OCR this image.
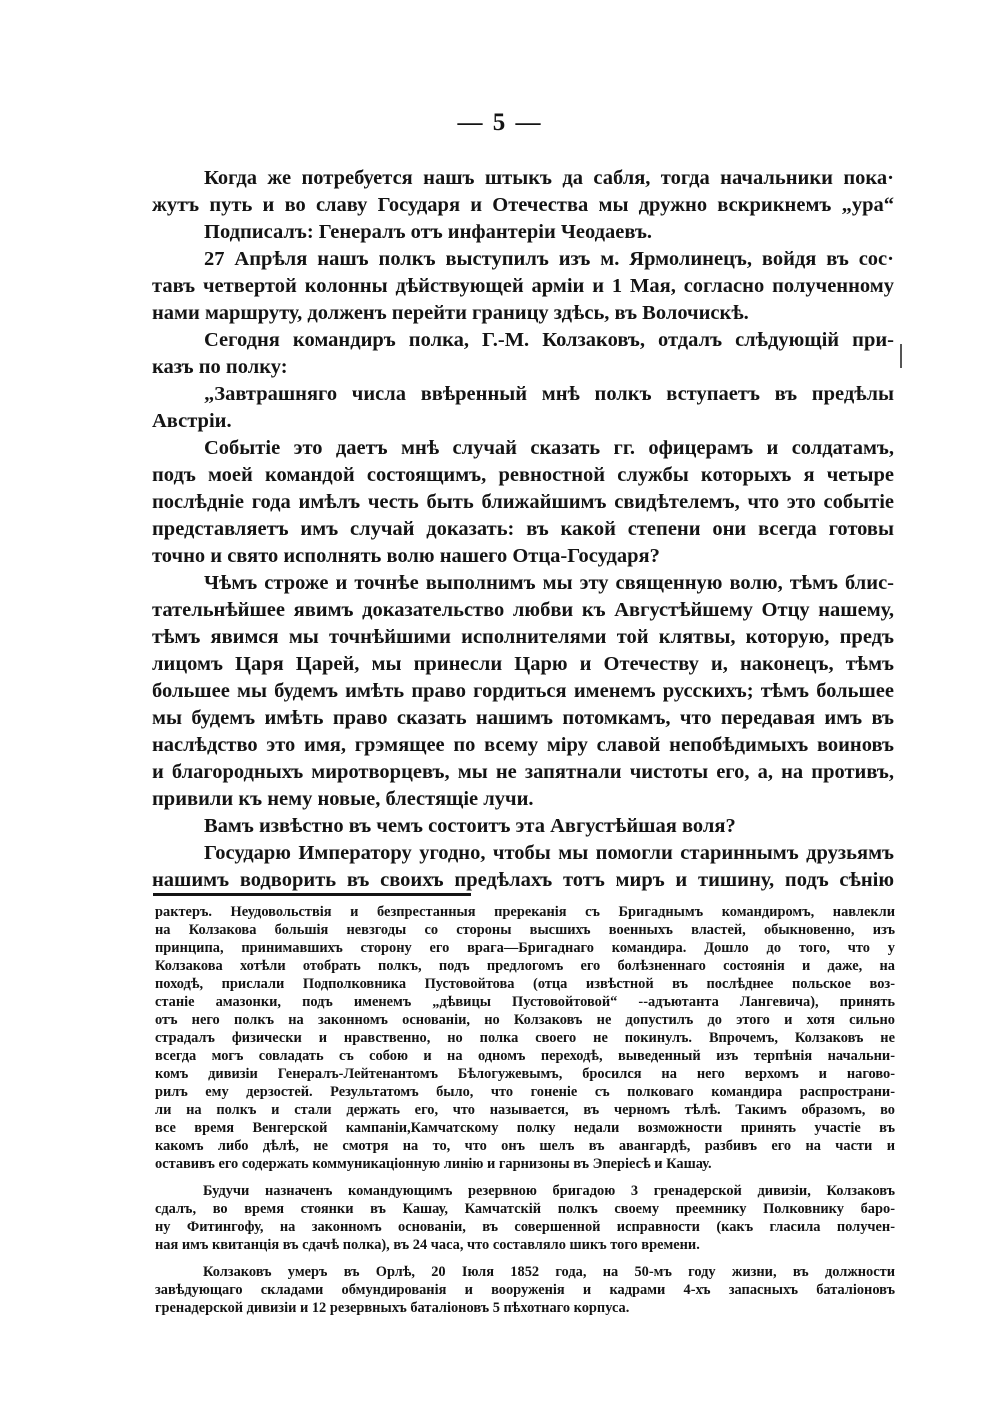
— 5 —
Когда же потребуется нашъ штыкъ да сабля, тогда начальники пока·
жутъ путь и во славу Государя и Отечества мы дружно вскрикнемъ „ура“
Подписалъ: Генералъ отъ инфантеріи Чеодаевъ.
27 Апрѣля нашъ полкъ выступилъ изъ м. Ярмолинецъ, войдя въ сос·
тавъ четвертой колонны дѣйствующей арміи и 1 Мая, согласно полученному
нами маршруту, долженъ перейти границу здѣсь, въ Волочискѣ.
Сегодня командиръ полка, Г.-М. Колзаковъ, отдалъ слѣдующій при-
казъ по полку:
„Завтрашняго числа ввѣренный мнѣ полкъ вступаетъ въ предѣлы
Австріи.
Событіе это даетъ мнѣ случай сказать гг. офицерамъ и солдатамъ,
подъ моей командой состоящимъ, ревностной службы которыхъ я четыре
послѣдніе года имѣлъ честь быть ближайшимъ свидѣтелемъ, что это событіе
представляетъ имъ случай доказать: въ какой степени они всегда готовы
точно и свято исполнять волю нашего Отца-Государя?
Чѣмъ строже и точнѣе выполнимъ мы эту священную волю, тѣмъ блис-
тательнѣйшее явимъ доказательство любви къ Августѣйшему Отцу нашему,
тѣмъ явимся мы точнѣйшими исполнителями той клятвы, которую, предъ
лицомъ Царя Царей, мы принесли Царю и Отечеству и, наконецъ, тѣмъ
большее мы будемъ имѣть право гордиться именемъ русскихъ; тѣмъ большее
мы будемъ имѣть право сказать нашимъ потомкамъ, что передавая имъ въ
наслѣдство это имя, грэмящее по всему міру славой непобѣдимыхъ воиновъ
и благородныхъ миротворцевъ, мы не запятнали чистоты его, а, на противъ,
привили къ нему новые, блестящіе лучи.
Вамъ извѣстно въ чемъ состоитъ эта Августѣйшая воля?
Государю Императору угодно, чтобы мы помогли стариннымъ друзьямъ
нашимъ водворить въ своихъ предѣлахъ тотъ миръ и тишину, подъ сѣнію
рактеръ. Неудовольствія и безпрестанныя пререканія съ Бригаднымъ командиромъ, навлекли
на Колзакова большія невзгоды со стороны высшихъ военныхъ властей, обыкновенно, изъ
принципа, принимавшихъ сторону его врага—Бригаднаго командира. Дошло до того, что у
Колзакова хотѣли отобрать полкъ, подъ предлогомъ его болѣзненнаго состоянія и даже, на
походѣ, прислали Подполковника Пустовойтова (отца извѣстной въ послѣднее польское воз-
станіе амазонки, подъ именемъ „дѣвицы Пустовойтовой“ --адъютанта Лангевича), принять
отъ него полкъ на законномъ основаніи, но Колзаковъ не допустилъ до этого и хотя сильно
страдалъ физически и нравственно, но полка своего не покинулъ. Впрочемъ, Колзаковъ не
всегда могъ совладать съ собою и на одномъ переходѣ, выведенный изъ терпѣнія начальни-
комъ дивизіи Генералъ-Лейтенантомъ Бѣлогужевымъ, бросился на него верхомъ и нагово-
рилъ ему дерзостей. Результатомъ было, что гоненіе съ полковаго командира распространи-
ли на полкъ и стали держать его, что называется, въ черномъ тѣлѣ. Такимъ образомъ, во
все время Венгерской кампаніи,Камчатскому полку недали возможности принять участіе въ
какомъ либо дѣлѣ, не смотря на то, что онъ шелъ въ авангардѣ, разбивъ его на части и
оставивъ его содержать коммуникаціонную линію и гарнизоны въ Эперіесѣ и Кашау.
Будучи назначенъ командующимъ резервною бригадою 3 гренадерской дивизіи, Колзаковъ
сдалъ, во время стоянки въ Кашау, Камчатскій полкъ своему преемнику Полковнику баро-
ну Фитингофу, на законномъ основаніи, въ совершенной исправности (какъ гласила получен-
ная имъ квитанція въ сдачѣ полка), въ 24 часа, что составляло шикъ того времени.
Колзаковъ умеръ въ Орлѣ, 20 Іюля 1852 года, на 50-мъ году жизни, въ должности
завѣдующаго складами обмундированія и вооруженія и кадрами 4-хъ запасныхъ баталіоновъ
гренадерской дивизіи и 12 резервныхъ баталіоновъ 5 пѣхотнаго корпуса.
